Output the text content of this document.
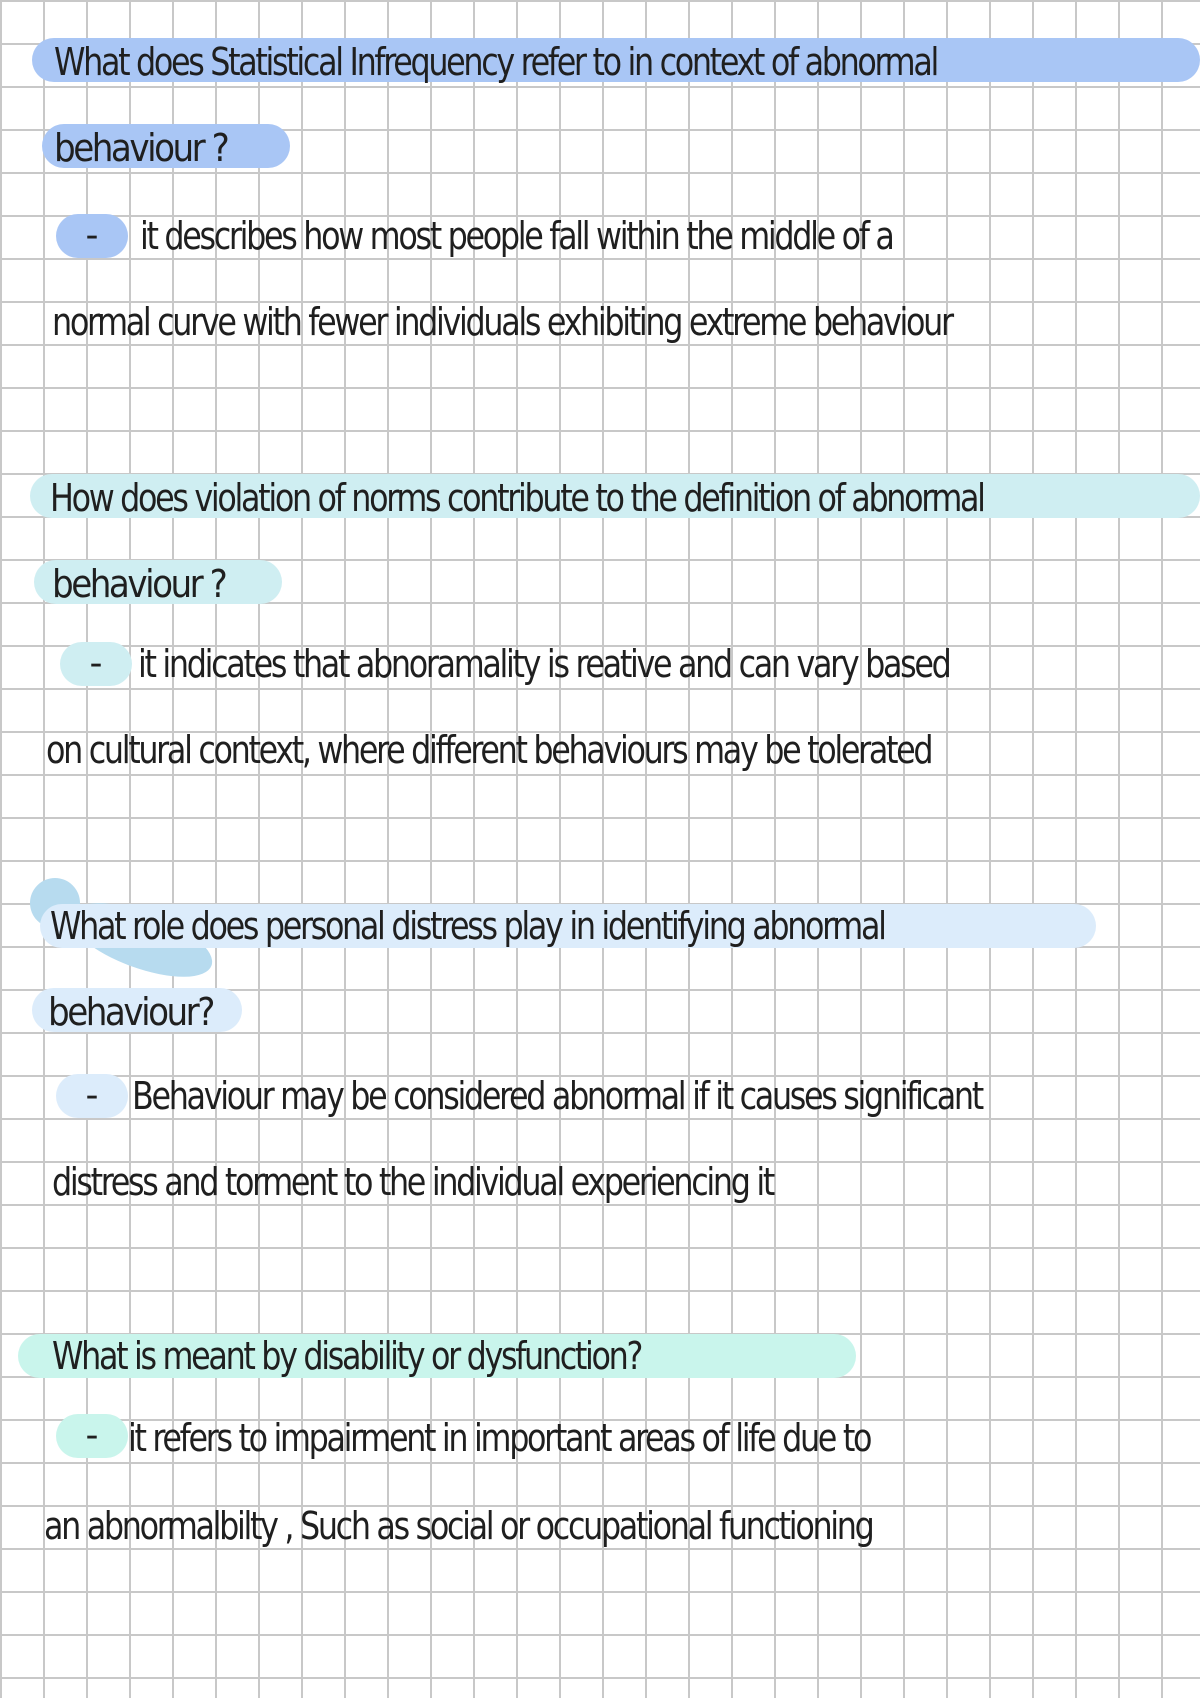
What does Statistical Infrequency refer to in context of abnormal
behaviour ?
-	it describes how most people fall within the middle of a
normal curve with fewer individuals exhibiting extreme behaviour
How does violation of norms contribute to the definition of abnormal
behaviour ?
- it indicates that abnoramality is reative and can vary based
on cultural context, where different behaviours may be tolerated
What role does personal distress play in identifying abnormal
behaviour?
- Behaviour may be considered abnormal if it causes significant
distress and torment to the individual experiencing it
What is meant by disability or dysfunction?
- it refers to impairment in important areas of life due to
an abnormalbilty , Such as social or occupational functioning
